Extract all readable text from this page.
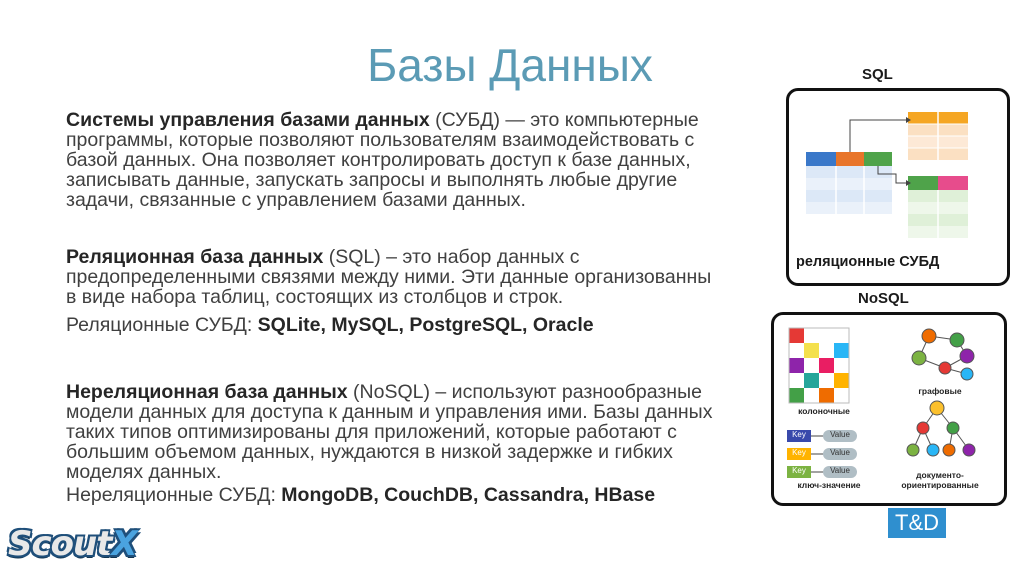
Базы Данных
Системы управления базами данных (СУБД) — это компьютерные
программы, которые позволяют пользователям взаимодействовать с
базой данных. Она позволяет контролировать доступ к базе данных,
записывать данные, запускать запросы и выполнять любые другие
задачи, связанные с управлением базами данных.
Реляционная база данных (SQL) – это набор данных с
предопределенными связями между ними. Эти данные организованны
в виде набора таблиц, состоящих из столбцов и строк.
Реляционные СУБД: SQLite, MySQL, PostgreSQL, Oracle
Нереляционная база данных (NoSQL) – используют разнообразные
модели данных для доступа к данным и управления ими. Базы данных
таких типов оптимизированы для приложений, которые работают с
большим объемом данных, нуждаются в низкой задержке и гибких
моделях данных.
Нереляционные СУБД: MongoDB, CouchDB, Cassandra, HBase
SQL
реляционные СУБД
NoSQL
колоночные
графовые
ключ-значение
документо-
ориентированные
Key
Key
Key
Value
Value
Value
ScoutX
T&D
